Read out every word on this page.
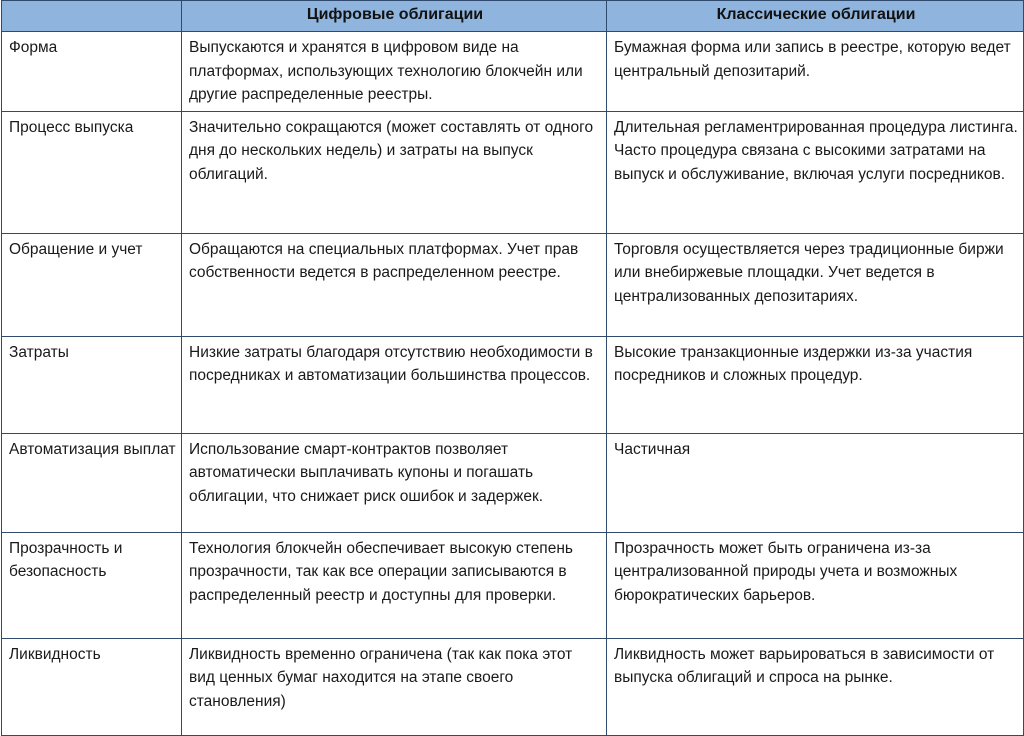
	Цифровые облигации	Классические облигации
Форма	Выпускаются и хранятся в цифровом виде на платформах, использующих технологию блокчейн или другие распределенные реестры.	Бумажная форма или запись в реестре, которую ведет центральный депозитарий.
Процесс выпуска	Значительно сокращаются (может составлять от одного дня до нескольких недель) и затраты на выпуск облигаций.	Длительная регламентрированная процедура листинга. Часто процедура связана с высокими затратами на выпуск и обслуживание, включая услуги посредников.
Обращение и учет	Обращаются на специальных платформах. Учет прав собственности ведется в распределенном реестре.	Торговля осуществляется через традиционные биржи или внебиржевые площадки. Учет ведется в централизованных депозитариях.
Затраты	Низкие затраты благодаря отсутствию необходимости в посредниках и автоматизации большинства процессов.	Высокие транзакционные издержки из-за участия посредников и сложных процедур.
Автоматизация выплат	Использование смарт-контрактов позволяет автоматически выплачивать купоны и погашать облигации, что снижает риск ошибок и задержек.	Частичная
Прозрачность и безопасность	Технология блокчейн обеспечивает высокую степень прозрачности, так как все операции записываются в распределенный реестр и доступны для проверки.	Прозрачность может быть ограничена из-за централизованной природы учета и возможных бюрократических барьеров.
Ликвидность	Ликвидность временно ограничена (так как пока этот вид ценных бумаг находится на этапе своего становления)	Ликвидность может варьироваться в зависимости от выпуска облигаций и спроса на рынке.
